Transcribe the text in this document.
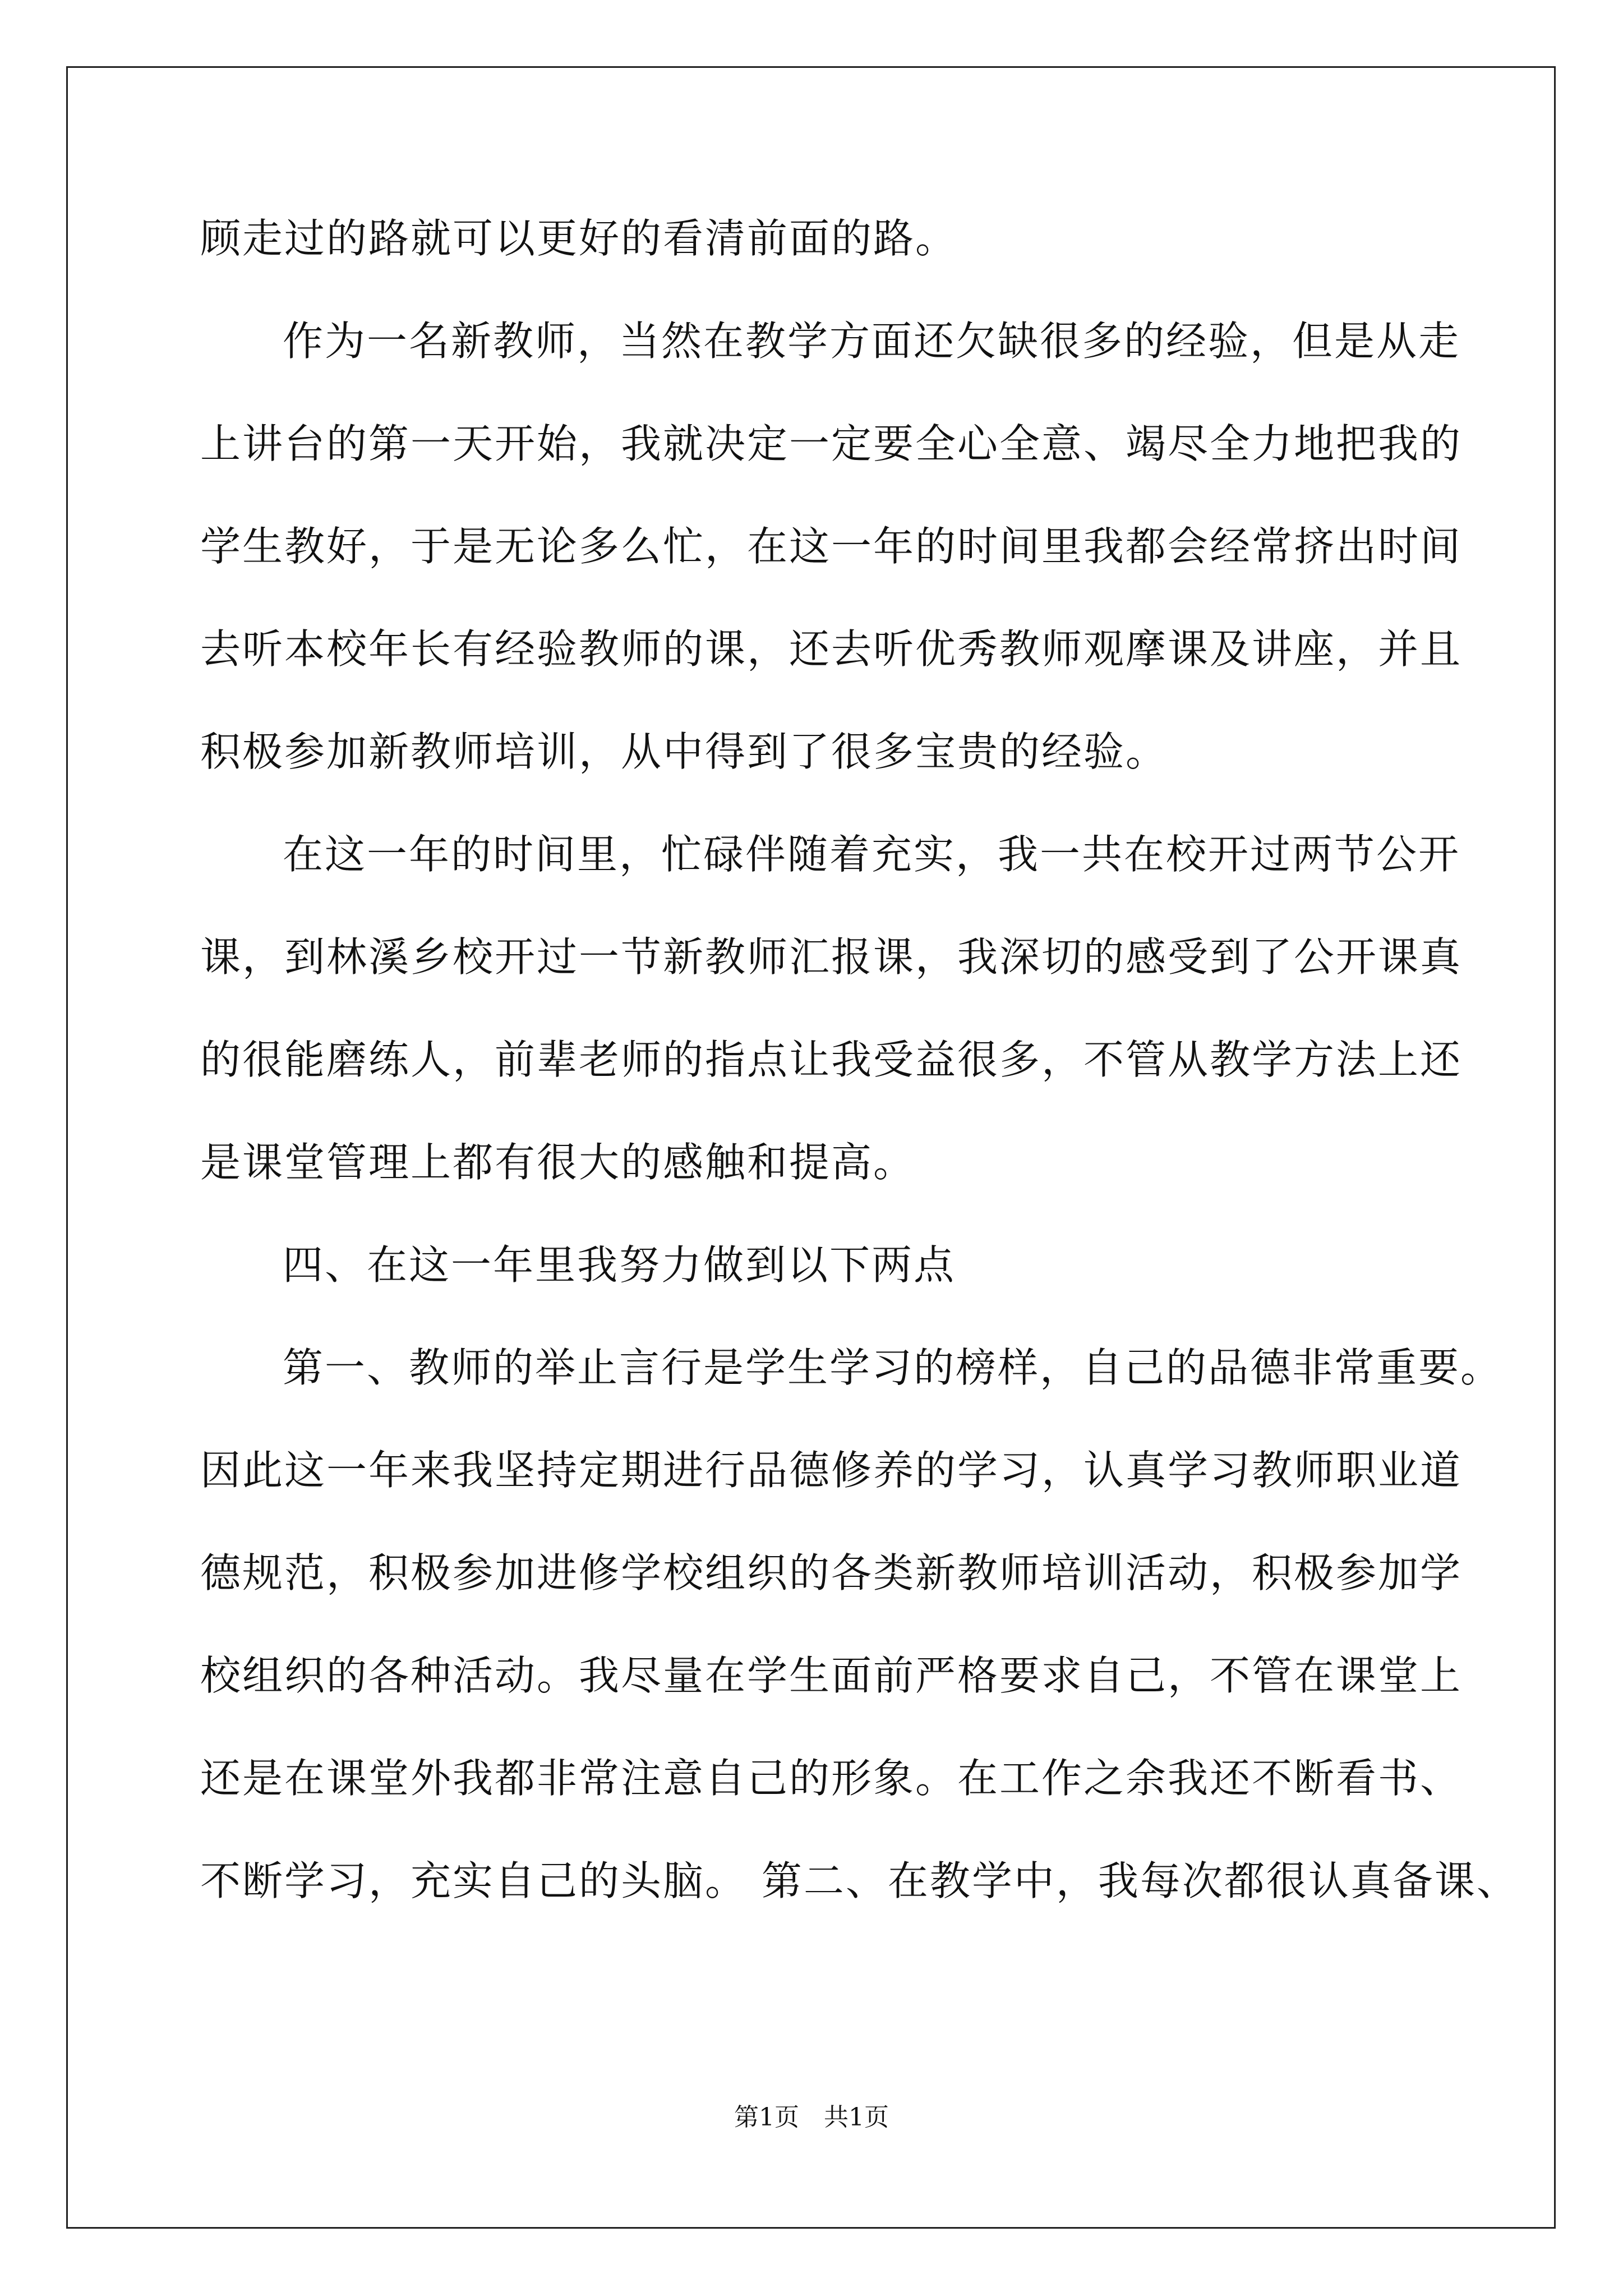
顾走过的路就可以更好的看清前面的路。
作为一名新教师，当然在教学方面还欠缺很多的经验，但是从走
上讲台的第一天开始，我就决定一定要全心全意、竭尽全力地把我的
学生教好，于是无论多么忙，在这一年的时间里我都会经常挤出时间
去听本校年长有经验教师的课，还去听优秀教师观摩课及讲座，并且
积极参加新教师培训，从中得到了很多宝贵的经验。
在这一年的时间里，忙碌伴随着充实，我一共在校开过两节公开
课，到林溪乡校开过一节新教师汇报课，我深切的感受到了公开课真
的很能磨练人，前辈老师的指点让我受益很多，不管从教学方法上还
是课堂管理上都有很大的感触和提高。
四、在这一年里我努力做到以下两点
第一、教师的举止言行是学生学习的榜样，自己的品德非常重要。
因此这一年来我坚持定期进行品德修养的学习，认真学习教师职业道
德规范，积极参加进修学校组织的各类新教师培训活动，积极参加学
校组织的各种活动。我尽量在学生面前严格要求自己，不管在课堂上
还是在课堂外我都非常注意自己的形象。在工作之余我还不断看书、
不断学习，充实自己的头脑。 第二、在教学中，我每次都很认真备课、
第1页　共1页
